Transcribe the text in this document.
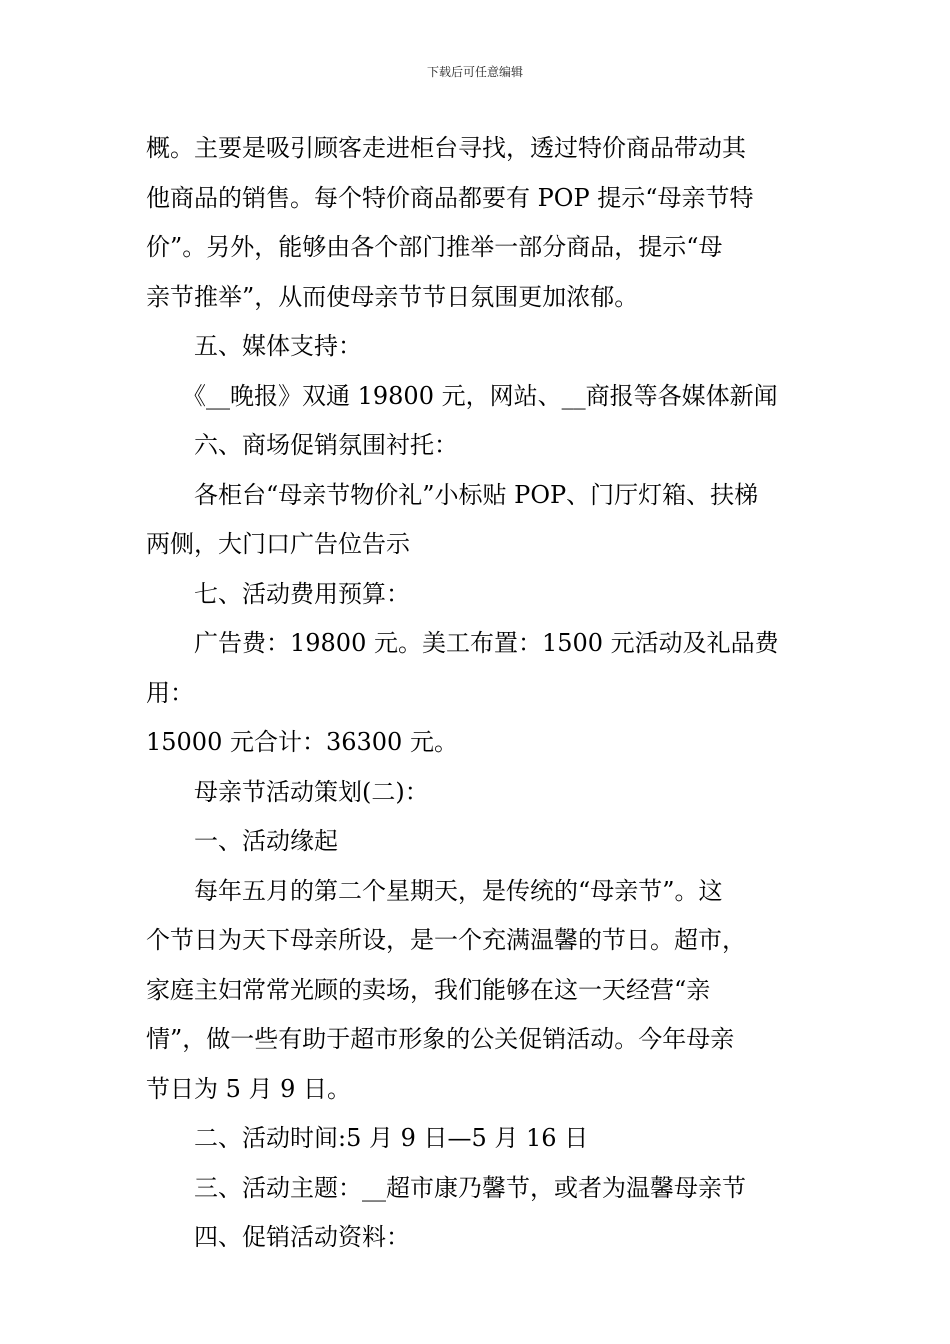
下载后可任意编辑

概。主要是吸引顾客走进柜台寻找，透过特价商品带动其

他商品的销售。每个特价商品都要有 POP 提示“母亲节特

价”。另外，能够由各个部门推举一部分商品，提示“母

亲节推举”，从而使母亲节节日氛围更加浓郁。

　　五、媒体支持：

　　《__晚报》双通 19800 元，网站、__商报等各媒体新闻

　　六、商场促销氛围衬托：

　　各柜台“母亲节物价礼”小标贴 POP、门厅灯箱、扶梯

两侧，大门口广告位告示

　　七、活动费用预算：

　　广告费：19800 元。美工布置：1500 元活动及礼品费用：

15000 元合计：36300 元。

　　母亲节活动策划(二)：

　　一、活动缘起

　　每年五月的第二个星期天，是传统的“母亲节”。这

个节日为天下母亲所设，是一个充满温馨的节日。超市，

家庭主妇常常光顾的卖场，我们能够在这一天经营“亲

情”，做一些有助于超市形象的公关促销活动。今年母亲

节日为 5 月 9 日。

　　二、活动时间:5 月 9 日—5 月 16 日

　　三、活动主题：__超市康乃馨节，或者为温馨母亲节

　　四、促销活动资料：
